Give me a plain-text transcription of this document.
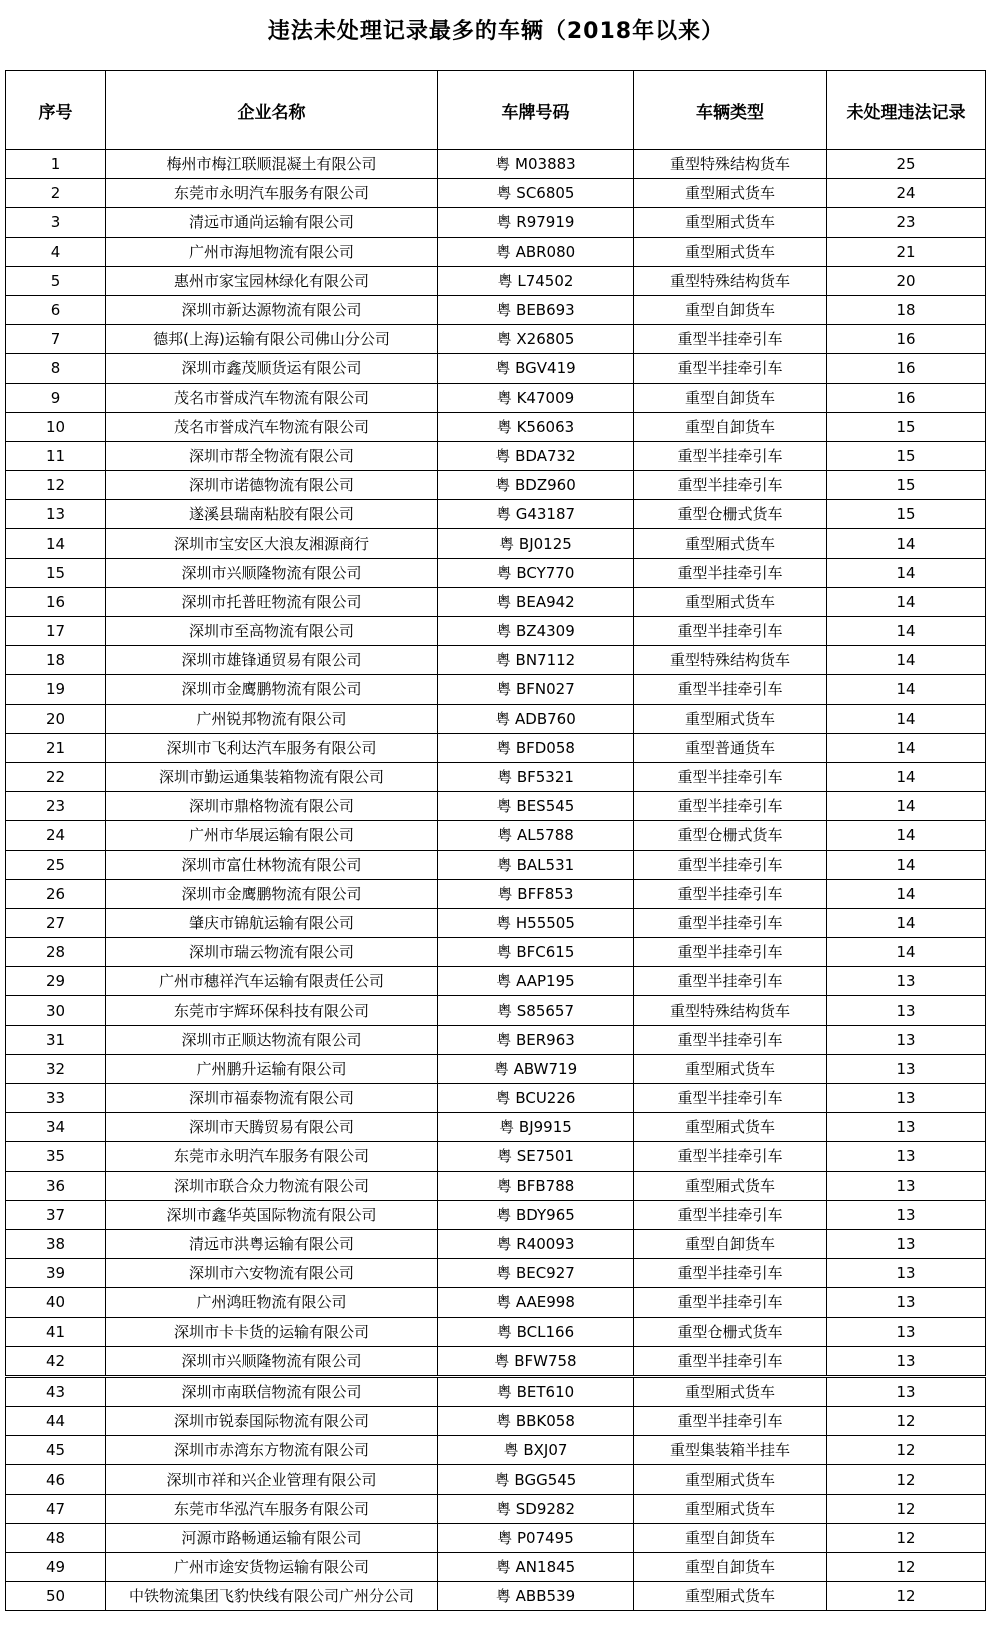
违法未处理记录最多的车辆（2018年以来）
序号	企业名称	车牌号码	车辆类型	未处理违法记录
1	梅州市梅江联顺混凝土有限公司	粤 M03883	重型特殊结构货车	25
2	东莞市永明汽车服务有限公司	粤 SC6805	重型厢式货车	24
3	清远市通尚运输有限公司	粤 R97919	重型厢式货车	23
4	广州市海旭物流有限公司	粤 ABR080	重型厢式货车	21
5	惠州市家宝园林绿化有限公司	粤 L74502	重型特殊结构货车	20
6	深圳市新达源物流有限公司	粤 BEB693	重型自卸货车	18
7	德邦(上海)运输有限公司佛山分公司	粤 X26805	重型半挂牵引车	16
8	深圳市鑫茂顺货运有限公司	粤 BGV419	重型半挂牵引车	16
9	茂名市誉成汽车物流有限公司	粤 K47009	重型自卸货车	16
10	茂名市誉成汽车物流有限公司	粤 K56063	重型自卸货车	15
11	深圳市帮全物流有限公司	粤 BDA732	重型半挂牵引车	15
12	深圳市诺德物流有限公司	粤 BDZ960	重型半挂牵引车	15
13	遂溪县瑞南粘胶有限公司	粤 G43187	重型仓栅式货车	15
14	深圳市宝安区大浪友湘源商行	粤 BJ0125	重型厢式货车	14
15	深圳市兴顺隆物流有限公司	粤 BCY770	重型半挂牵引车	14
16	深圳市托普旺物流有限公司	粤 BEA942	重型厢式货车	14
17	深圳市至高物流有限公司	粤 BZ4309	重型半挂牵引车	14
18	深圳市雄锋通贸易有限公司	粤 BN7112	重型特殊结构货车	14
19	深圳市金鹰鹏物流有限公司	粤 BFN027	重型半挂牵引车	14
20	广州锐邦物流有限公司	粤 ADB760	重型厢式货车	14
21	深圳市飞利达汽车服务有限公司	粤 BFD058	重型普通货车	14
22	深圳市勤运通集装箱物流有限公司	粤 BF5321	重型半挂牵引车	14
23	深圳市鼎格物流有限公司	粤 BES545	重型半挂牵引车	14
24	广州市华展运输有限公司	粤 AL5788	重型仓栅式货车	14
25	深圳市富仕林物流有限公司	粤 BAL531	重型半挂牵引车	14
26	深圳市金鹰鹏物流有限公司	粤 BFF853	重型半挂牵引车	14
27	肇庆市锦航运输有限公司	粤 H55505	重型半挂牵引车	14
28	深圳市瑞云物流有限公司	粤 BFC615	重型半挂牵引车	14
29	广州市穗祥汽车运输有限责任公司	粤 AAP195	重型半挂牵引车	13
30	东莞市宇辉环保科技有限公司	粤 S85657	重型特殊结构货车	13
31	深圳市正顺达物流有限公司	粤 BER963	重型半挂牵引车	13
32	广州鹏升运输有限公司	粤 ABW719	重型厢式货车	13
33	深圳市福泰物流有限公司	粤 BCU226	重型半挂牵引车	13
34	深圳市天腾贸易有限公司	粤 BJ9915	重型厢式货车	13
35	东莞市永明汽车服务有限公司	粤 SE7501	重型半挂牵引车	13
36	深圳市联合众力物流有限公司	粤 BFB788	重型厢式货车	13
37	深圳市鑫华英国际物流有限公司	粤 BDY965	重型半挂牵引车	13
38	清远市洪粤运输有限公司	粤 R40093	重型自卸货车	13
39	深圳市六安物流有限公司	粤 BEC927	重型半挂牵引车	13
40	广州鸿旺物流有限公司	粤 AAE998	重型半挂牵引车	13
41	深圳市卡卡货的运输有限公司	粤 BCL166	重型仓栅式货车	13
42	深圳市兴顺隆物流有限公司	粤 BFW758	重型半挂牵引车	13
43	深圳市南联信物流有限公司	粤 BET610	重型厢式货车	13
44	深圳市锐泰国际物流有限公司	粤 BBK058	重型半挂牵引车	12
45	深圳市赤湾东方物流有限公司	粤 BXJ07	重型集装箱半挂车	12
46	深圳市祥和兴企业管理有限公司	粤 BGG545	重型厢式货车	12
47	东莞市华泓汽车服务有限公司	粤 SD9282	重型厢式货车	12
48	河源市路畅通运输有限公司	粤 P07495	重型自卸货车	12
49	广州市途安货物运输有限公司	粤 AN1845	重型自卸货车	12
50	中铁物流集团飞豹快线有限公司广州分公司	粤 ABB539	重型厢式货车	12
